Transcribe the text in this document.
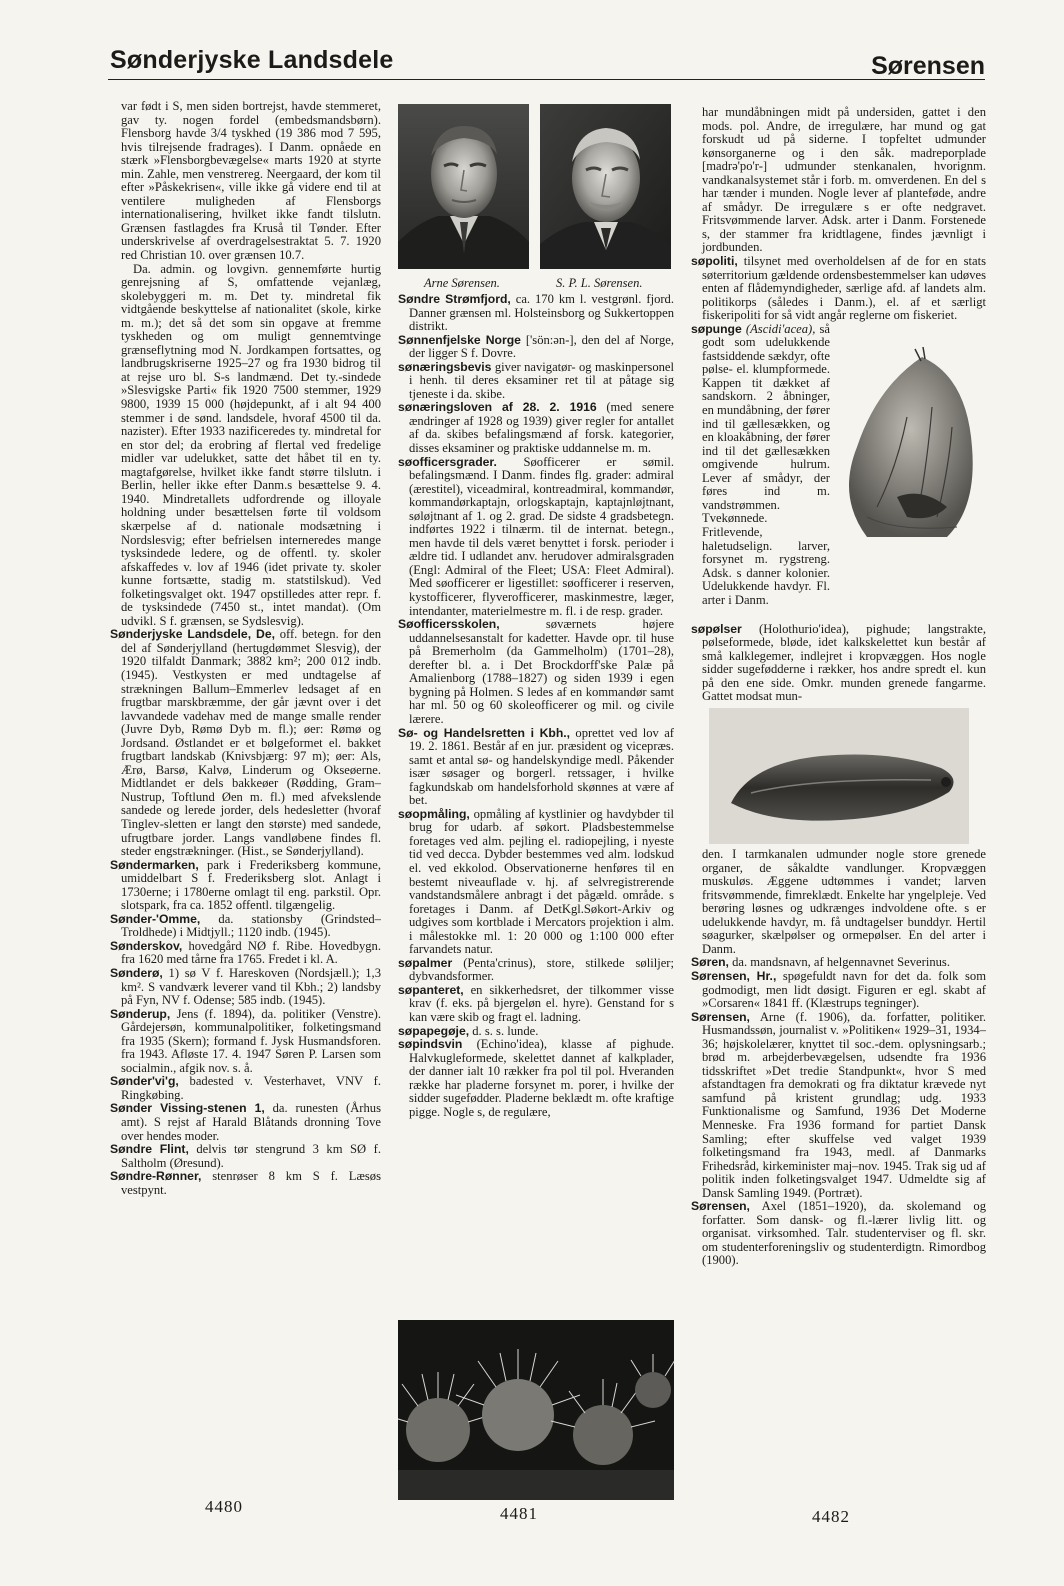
Sønderjyske Landsdele	Sørensen

var født i S, men siden bortrejst, havde stemmeret, gav ty. nogen fordel (embedsmandsbørn). Flensborg havde 3/4 tyskhed (19 386 mod 7 595, hvis tilrejsende fradrages). I Danm. opnåede en stærk »Flensborgbevægelse« marts 1920 at styrte min. Zahle, men venstrereg. Neergaard, der kom til efter »Påskekrisen«, ville ikke gå videre end til at ventilere muligheden af Flensborgs internationalisering, hvilket ikke fandt tilslutn. Grænsen fastlagdes fra Kruså til Tønder. Efter underskrivelse af overdragelsestraktat 5. 7. 1920 red Christian 10. over grænsen 10.7.

Da. admin. og lovgivn. gennemførte hurtig genrejsning af S, omfattende vejanlæg, skolebyggeri m. m. Det ty. mindretal fik vidtgående beskyttelse af nationalitet (skole, kirke m. m.); det så det som sin opgave at fremme tyskheden og om muligt gennemtvinge grænseflytning mod N. Jordkampen fortsattes, og landbrugskriserne 1925–27 og fra 1930 bidrog til at rejse uro bl. S-s landmænd. Det ty.-sindede »Slesvigske Parti« fik 1920 7500 stemmer, 1929 9800, 1939 15 000 (højdepunkt, af i alt 94 400 stemmer i de sønd. landsdele, hvoraf 4500 til da. nazister). Efter 1933 nazificeredes ty. mindretal for en stor del; da erobring af flertal ved fredelige midler var udelukket, satte det håbet til en ty. magtafgørelse, hvilket ikke fandt større tilslutn. i Berlin, heller ikke efter Danm.s besættelse 9. 4. 1940. Mindretallets udfordrende og illoyale holdning under besættelsen førte til voldsom skærpelse af d. nationale modsætning i Nordslesvig; efter befrielsen interneredes mange tysksindede ledere, og de offentl. ty. skoler afskaffedes v. lov af 1946 (idet private ty. skoler kunne fortsætte, stadig m. statstilskud). Ved folketingsvalget okt. 1947 opstilledes atter repr. f. de tysksindede (7450 st., intet mandat). (Om udvikl. S f. grænsen, se Sydslesvig).

Sønderjyske Landsdele, De, off. betegn. for den del af Sønderjylland (hertugdømmet Slesvig), der 1920 tilfaldt Danmark; 3882 km²; 200 012 indb. (1945). Vestkysten er med undtagelse af strækningen Ballum–Emmerlev ledsaget af en frugtbar marskbræmme, der går jævnt over i det lavvandede vadehav med de mange smalle render (Juvre Dyb, Rømø Dyb m. fl.); øer: Rømø og Jordsand. Østlandet er et bølgeformet el. bakket frugtbart landskab (Knivsbjærg: 97 m); øer: Als, Ærø, Barsø, Kalvø, Linderum og Okseøerne. Midtlandet er dels bakkeøer (Rødding, Gram–Nustrup, Toftlund Øen m. fl.) med afvekslende sandede og lerede jorder, dels hedesletter (hvoraf Tinglev-sletten er langt den største) med sandede, ufrugtbare jorder. Langs vandløbene findes fl. steder engstrækninger. (Hist., se Sønderjylland).

Søndermarken, park i Frederiksberg kommune, umiddelbart S f. Frederiksberg slot. Anlagt i 1730erne; i 1780erne omlagt til eng. parkstil. Opr. slotspark, fra ca. 1852 offentl. tilgængelig.

Sønder-'Omme, da. stationsby (Grindsted–Troldhede) i Midtjyll.; 1120 indb. (1945).

Sønderskov, hovedgård NØ f. Ribe. Hovedbygn. fra 1620 med tårne fra 1765. Fredet i kl. A.

Sønderø, 1) sø V f. Hareskoven (Nordsjæll.); 1,3 km². S vandværk leverer vand til Kbh.; 2) landsby på Fyn, NV f. Odense; 585 indb. (1945).

Sønderup, Jens (f. 1894), da. politiker (Venstre). Gårdejersøn, kommunalpolitiker, folketingsmand fra 1935 (Skern); formand f. Jysk Husmandsforen. fra 1943. Afløste 17. 4. 1947 Søren P. Larsen som socialmin., afgik nov. s. å.

Sønder'vi'g, badested v. Vesterhavet, VNV f. Ringkøbing.

Sønder Vissing-stenen 1, da. runesten (Århus amt). S rejst af Harald Blåtands dronning Tove over hendes moder.

Søndre Flint, delvis tør stengrund 3 km SØ f. Saltholm (Øresund).

Søndre-Rønner, stenrøser 8 km S f. Læsøs vestpynt.

Arne Sørensen.	S. P. L. Sørensen.

Søndre Strømfjord, ca. 170 km l. vestgrønl. fjord. Danner grænsen ml. Holsteinsborg og Sukkertoppen distrikt.

Sønnenfjelske Norge ['sön:ən-], den del af Norge, der ligger S f. Dovre.

sønæringsbevis giver navigatør- og maskinpersonel i henh. til deres eksaminer ret til at påtage sig tjeneste i da. skibe.

sønæringsloven af 28. 2. 1916 (med senere ændringer af 1928 og 1939) giver regler for antallet af da. skibes befalingsmænd af forsk. kategorier, disses eksaminer og praktiske uddannelse m. m.

søofficersgrader. Søofficerer er sømil. befalingsmænd. I Danm. findes flg. grader: admiral (ærestitel), viceadmiral, kontreadmiral, kommandør, kommandørkaptajn, orlogskaptajn, kaptajnløjtnant, søløjtnant af 1. og 2. grad. De sidste 4 gradsbetegn. indførtes 1922 i tilnærm. til de internat. betegn., men havde til dels været benyttet i forsk. perioder i ældre tid. I udlandet anv. herudover admiralsgraden (Engl: Admiral of the Fleet; USA: Fleet Admiral). Med søofficerer er ligestillet: søofficerer i reserven, kystofficerer, flyverofficerer, maskinmestre, læger, intendanter, materielmestre m. fl. i de resp. grader.

Søofficersskolen, søværnets højere uddannelsesanstalt for kadetter. Havde opr. til huse på Bremerholm (da Gammelholm) (1701–28), derefter bl. a. i Det Brockdorff'ske Palæ på Amalienborg (1788–1827) og siden 1939 i egen bygning på Holmen. S ledes af en kommandør samt har ml. 50 og 60 skoleofficerer og mil. og civile lærere.

Sø- og Handelsretten i Kbh., oprettet ved lov af 19. 2. 1861. Består af en jur. præsident og vicepræs. samt et antal sø- og handelskyndige medl. Påkender især søsager og borgerl. retssager, i hvilke fagkundskab om handelsforhold skønnes at være af bet.

søopmåling, opmåling af kystlinier og havdybder til brug for udarb. af søkort. Pladsbestemmelse foretages ved alm. pejling el. radiopejling, i nyeste tid ved decca. Dybder bestemmes ved alm. lodskud el. ved ekkolod. Observationerne henføres til en bestemt niveauflade v. hj. af selvregistrerende vandstandsmålere anbragt i det pågæld. område. s foretages i Danm. af DetKgl.Søkort-Arkiv og udgives som kortblade i Mercators projektion i alm. i målestokke ml. 1: 20 000 og 1:100 000 efter farvandets natur.

søpalmer (Penta'crinus), store, stilkede søliljer; dybvandsformer.

søpanteret, en sikkerhedsret, der tilkommer visse krav (f. eks. på bjergeløn el. hyre). Genstand for s kan være skib og fragt el. ladning.

søpapegøje, d. s. s. lunde.

søpindsvin (Echino'idea), klasse af pighude. Halvkugleformede, skelettet dannet af kalkplader, der danner ialt 10 rækker fra pol til pol. Hveranden række har pladerne forsynet m. porer, i hvilke der sidder sugefødder. Pladerne beklædt m. ofte kraftige pigge. Nogle s, de regulære,

har mundåbningen midt på undersiden, gattet i den mods. pol. Andre, de irregulære, har mund og gat forskudt ud på siderne. I topfeltet udmunder kønsorganerne og i den såk. madreporplade [madrə'po'r-] udmunder stenkanalen, hvorignm. vandkanalsystemet står i forb. m. omverdenen. En del s har tænder i munden. Nogle lever af planteføde, andre af smådyr. De irregulære s er ofte nedgravet. Fritsvømmende larver. Adsk. arter i Danm. Forstenede s, der stammer fra kridtlagene, findes jævnligt i jordbunden.

søpoliti, tilsynet med overholdelsen af de for en stats søterritorium gældende ordensbestemmelser kan udøves enten af flådemyndigheder, særlige afd. af landets alm. politikorps (således i Danm.), el. af et særligt fiskeripoliti for så vidt angår reglerne om fiskeriet.

søpunge (Ascidi'acea), så godt som udelukkende fastsiddende sækdyr, ofte pølse- el. klumpformede. Kappen tit dækket af sandskorn. 2 åbninger, en mundåbning, der fører ind til gællesækken, og en kloakåbning, der fører ind til det gællesækken omgivende hulrum. Lever af smådyr, der føres ind m. vandstrømmen. Tvekønnede. Fritlevende, haletudselign. larver, forsynet m. rygstreng. Adsk. s danner kolonier. Udelukkende havdyr. Fl. arter i Danm.

søpølser (Holothurio'idea), pighude; langstrakte, pølseformede, bløde, idet kalkskelettet kun består af små kalklegemer, indlejret i kropvæggen. Hos nogle sidder sugefødderne i rækker, hos andre spredt el. kun på den ene side. Omkr. munden grenede fangarme. Gattet modsat mun-

den. I tarmkanalen udmunder nogle store grenede organer, de såkaldte vandlunger. Kropvæggen muskuløs. Æggene udtømmes i vandet; larven fritsvømmende, fimreklædt. Enkelte har yngelpleje. Ved berøring løsnes og udkrænges indvoldene ofte. s er udelukkende havdyr, m. få undtagelser bunddyr. Hertil søagurker, skælpølser og ormepølser. En del arter i Danm.

Søren, da. mandsnavn, af helgennavnet Severinus.

Sørensen, Hr., spøgefuldt navn for det da. folk som godmodigt, men lidt døsigt. Figuren er egl. skabt af »Corsaren« 1841 ff. (Klæstrups tegninger).

Sørensen, Arne (f. 1906), da. forfatter, politiker. Husmandssøn, journalist v. »Politiken« 1929–31, 1934–36; højskolelærer, knyttet til soc.-dem. oplysningsarb.; brød m. arbejderbevægelsen, udsendte fra 1936 tidsskriftet »Det tredie Standpunkt«, hvor S med afstandtagen fra demokrati og fra diktatur krævede nyt samfund på kristent grundlag; udg. 1933 Funktionalisme og Samfund, 1936 Det Moderne Menneske. Fra 1936 formand for partiet Dansk Samling; efter skuffelse ved valget 1939 folketingsmand fra 1943, medl. af Danmarks Frihedsråd, kirkeminister maj–nov. 1945. Trak sig ud af politik inden folketingsvalget 1947. Udmeldte sig af Dansk Samling 1949. (Portræt).

Sørensen, Axel (1851–1920), da. skolemand og forfatter. Som dansk- og fl.-lærer livlig litt. og organisat. virksomhed. Talr. studenterviser og fl. skr. om studenterforeningsliv og studenterdigtn. Rimordbog (1900).

4480	4481	4482
